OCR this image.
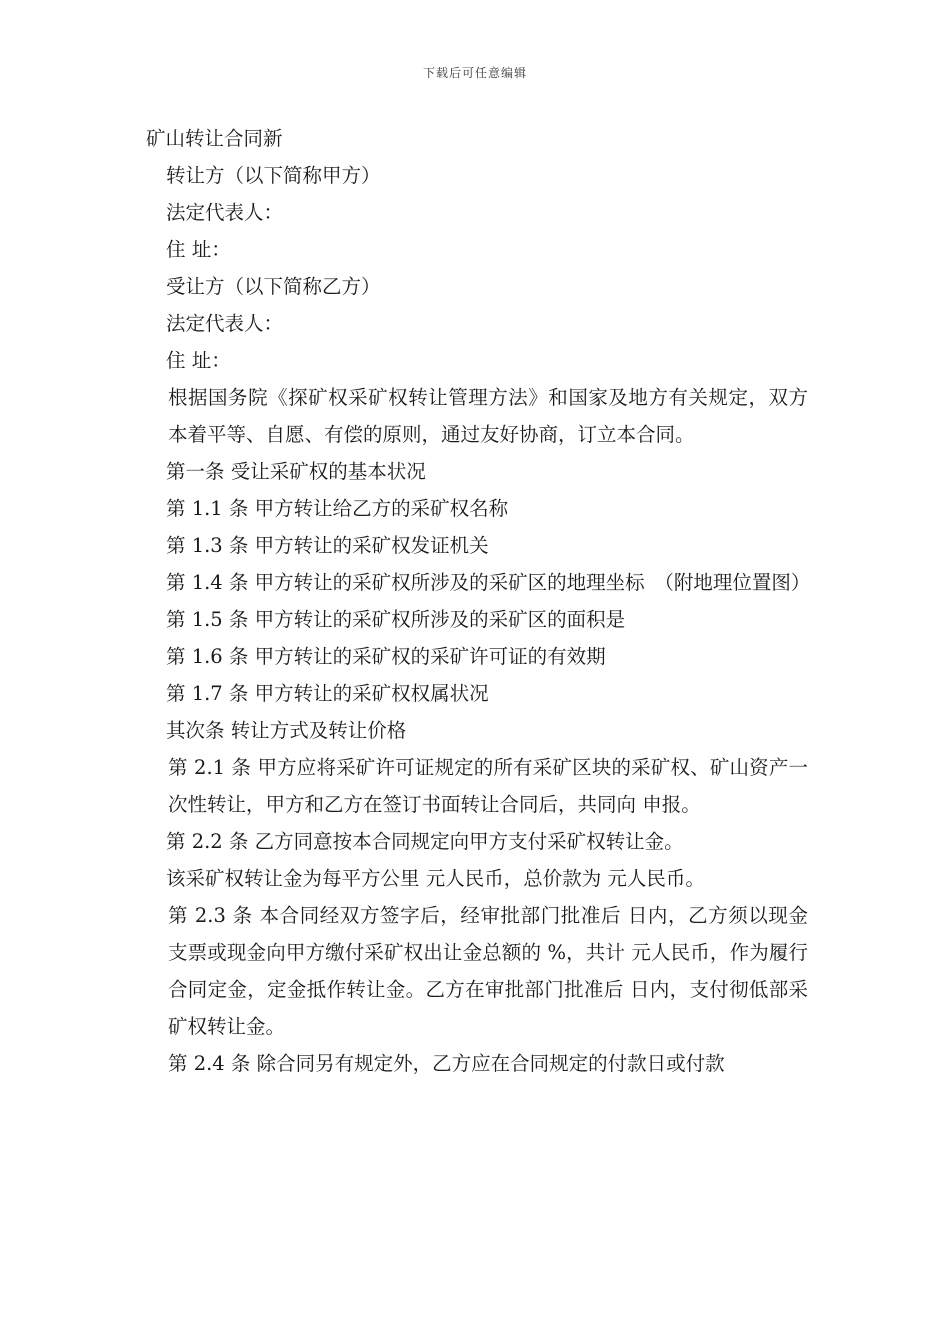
下载后可任意编辑
矿山转让合同新
转让方（以下简称甲方）
法定代表人：
住 址：
受让方（以下简称乙方）
法定代表人：
住 址：
根据国务院《探矿权采矿权转让管理方法》和国家及地方有关规定，双方本着平等、自愿、有偿的原则，通过友好协商，订立本合同。
第一条 受让采矿权的基本状况
第 1.1 条 甲方转让给乙方的采矿权名称
第 1.3 条 甲方转让的采矿权发证机关
第 1.4 条 甲方转让的采矿权所涉及的采矿区的地理坐标　（附地理位置图）
第 1.5 条 甲方转让的采矿权所涉及的采矿区的面积是
第 1.6 条 甲方转让的采矿权的采矿许可证的有效期
第 1.7 条 甲方转让的采矿权权属状况
其次条 转让方式及转让价格
第 2.1 条 甲方应将采矿许可证规定的所有采矿区块的采矿权、矿山资产一次性转让，甲方和乙方在签订书面转让合同后，共同向 申报。
第 2.2 条 乙方同意按本合同规定向甲方支付采矿权转让金。
该采矿权转让金为每平方公里 元人民币，总价款为 元人民币。
第 2.3 条 本合同经双方签字后，经审批部门批准后 日内，乙方须以现金支票或现金向甲方缴付采矿权出让金总额的 %，共计 元人民币，作为履行合同定金，定金抵作转让金。乙方在审批部门批准后 日内，支付彻低部采矿权转让金。
第 2.4 条 除合同另有规定外，乙方应在合同规定的付款日或付款
